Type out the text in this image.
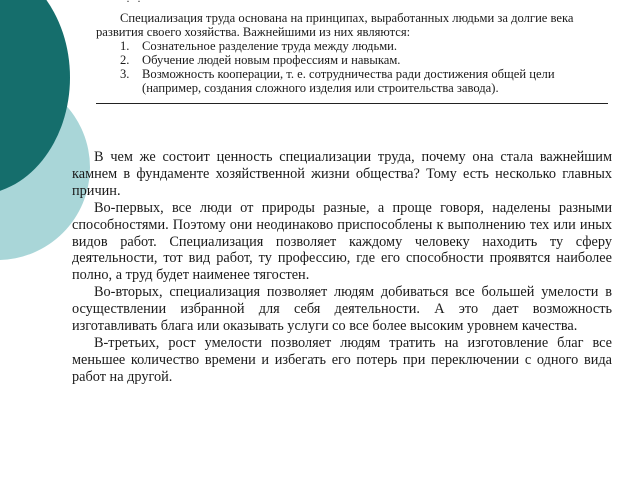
· ·

Специализация труда основана на принципах, выработанных людьми за долгие века развития своего хозяйства. Важнейшими из них являются:

1. Сознательное разделение труда между людьми.
2. Обучение людей новым профессиям и навыкам.
3. Возможность кооперации, т. е. сотрудничества ради достижения общей цели (например, создания сложного изделия или строительства завода).

В чем же состоит ценность специализации труда, почему она стала важнейшим камнем в фундаменте хозяйственной жизни общества? Тому есть несколько главных причин.

Во-первых, все люди от природы разные, а проще говоря, наделены разными способностями. Поэтому они неодинаково приспособлены к выполнению тех или иных видов работ. Специализация позволяет каждому человеку находить ту сферу деятельности, тот вид работ, ту профессию, где его способности проявятся наиболее полно, а труд будет наименее тягостен.

Во-вторых, специализация позволяет людям добиваться все большей умелости в осуществлении избранной для себя деятельности. А это дает возможность изготавливать блага или оказывать услуги со все более высоким уровнем качества.

В-третьих, рост умелости позволяет людям тратить на изготовление благ все меньшее количество времени и избегать его потерь при переключении с одного вида работ на другой.
